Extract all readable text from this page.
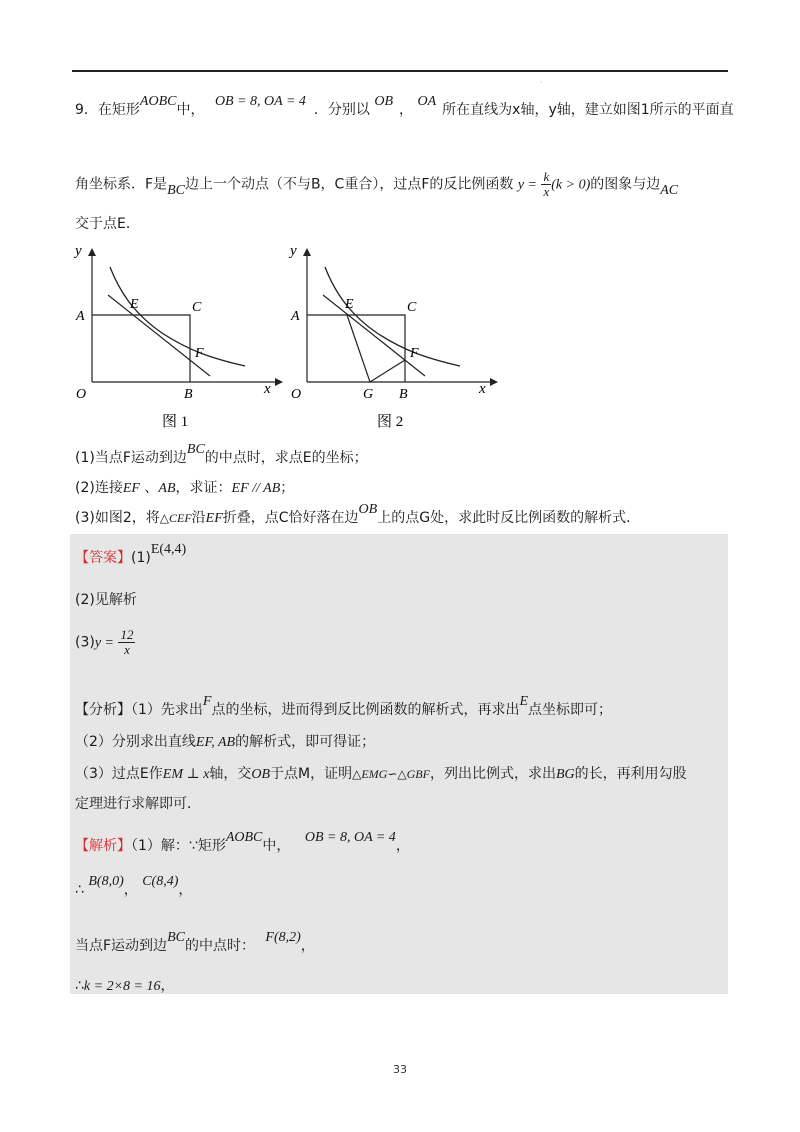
·
9．在矩形AOBC中， OB = 8, OA = 4．分别以 OB， OA所在直线为x轴，y轴，建立如图1所示的平面直
角坐标系．F是BC边上一个动点（不与B，C重合），过点F的反比例函数 $y = \frac{k}{x} (k > 0)$的图象与边AC
交于点E．
y
x
A
E	C
F
O	B
图 1
y
x
A
E	C
F
O	G B
图 2
(1)当点F运动到边BC的中点时，求点E的坐标；
(2)连接EF 、AB，求证：EF // AB；
(3)如图2，将△CEF沿EF折叠，点C恰好落在边OB上的点G处，求此时反比例函数的解析式．
【答案】(1)E(4,4)
(2)见解析
$(3)y = \frac{12}{x}$
【分析】（1）先求出F点的坐标，进而得到反比例函数的解析式，再求出E点坐标即可；
（2）分别求出直线EF, AB的解析式，即可得证；
（3）过点E作EM ⊥ x轴，交OB于点M，证明△EMG∽△GBF，列出比例式，求出BG的长，再利用勾股
定理进行求解即可．
【解析】（1）解：∵矩形AOBC中， OB = 8, OA = 4，
∴ B(8,0)， C(8,4)，
当点F运动到边BC的中点时： F(8,2)，
∴k = 2×8 = 16，
33
